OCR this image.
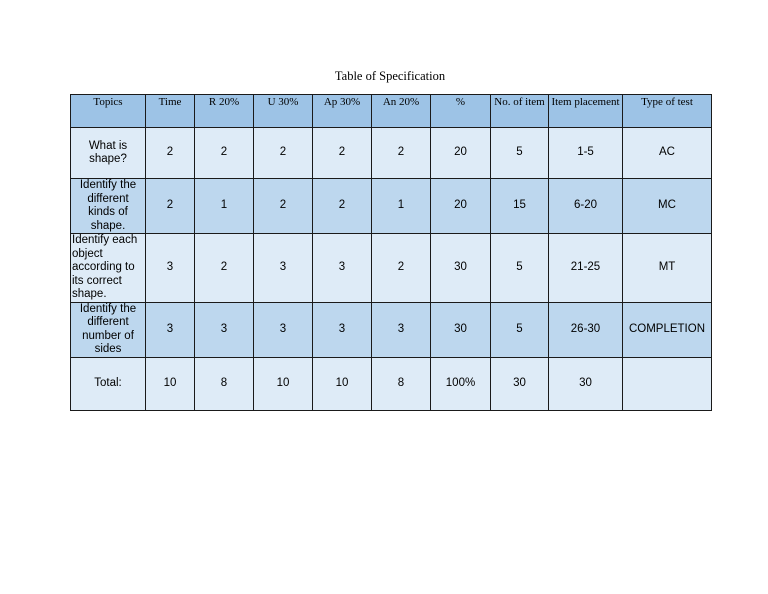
Table of Specification
Topics	Time	R 20%	U 30%	Ap 30%	An 20%	%	No. of item	Item placement	Type of test
What is shape?	2	2	2	2	2	20	5	1-5	AC
Identify the different kinds of shape.	2	1	2	2	1	20	15	6-20	MC
Identify each object according to its correct shape.	3	2	3	3	2	30	5	21-25	MT
Identify the different number of sides	3	3	3	3	3	30	5	26-30	COMPLETION
Total:	10	8	10	10	8	100%	30	30	
